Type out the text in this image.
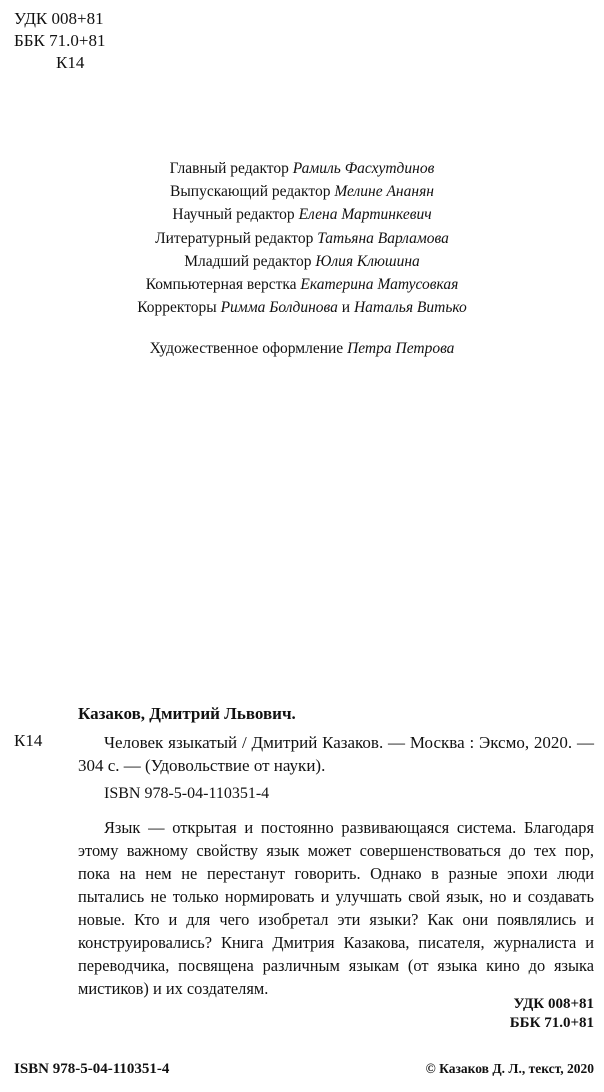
УДК 008+81
ББК 71.0+81
К14
Главный редактор Рамиль Фасхутдинов
Выпускающий редактор Мелине Ананян
Научный редактор Елена Мартинкевич
Литературный редактор Татьяна Варламова
Младший редактор Юлия Клюшина
Компьютерная верстка Екатерина Матусовкая
Корректоры Римма Болдинова и Наталья Витько
Художественное оформление Петра Петрова
Казаков, Дмитрий Львович.
К14	Человек языкатый / Дмитрий Казаков. — Москва : Эксмо, 2020. — 304 с. — (Удовольствие от науки).
ISBN 978-5-04-110351-4
Язык — открытая и постоянно развивающаяся система. Благодаря этому важному свойству язык может совершенствоваться до тех пор, пока на нем не перестанут говорить. Однако в разные эпохи люди пытались не только нормировать и улучшать свой язык, но и создавать новые. Кто и для чего изобретал эти языки? Как они появлялись и конструировались? Книга Дмитрия Казакова, писателя, журналиста и переводчика, посвящена различным языкам (от языка кино до языка мистиков) и их создателям.
УДК 008+81
ББК 71.0+81
ISBN 978-5-04-110351-4	© Казаков Д. Л., текст, 2020
